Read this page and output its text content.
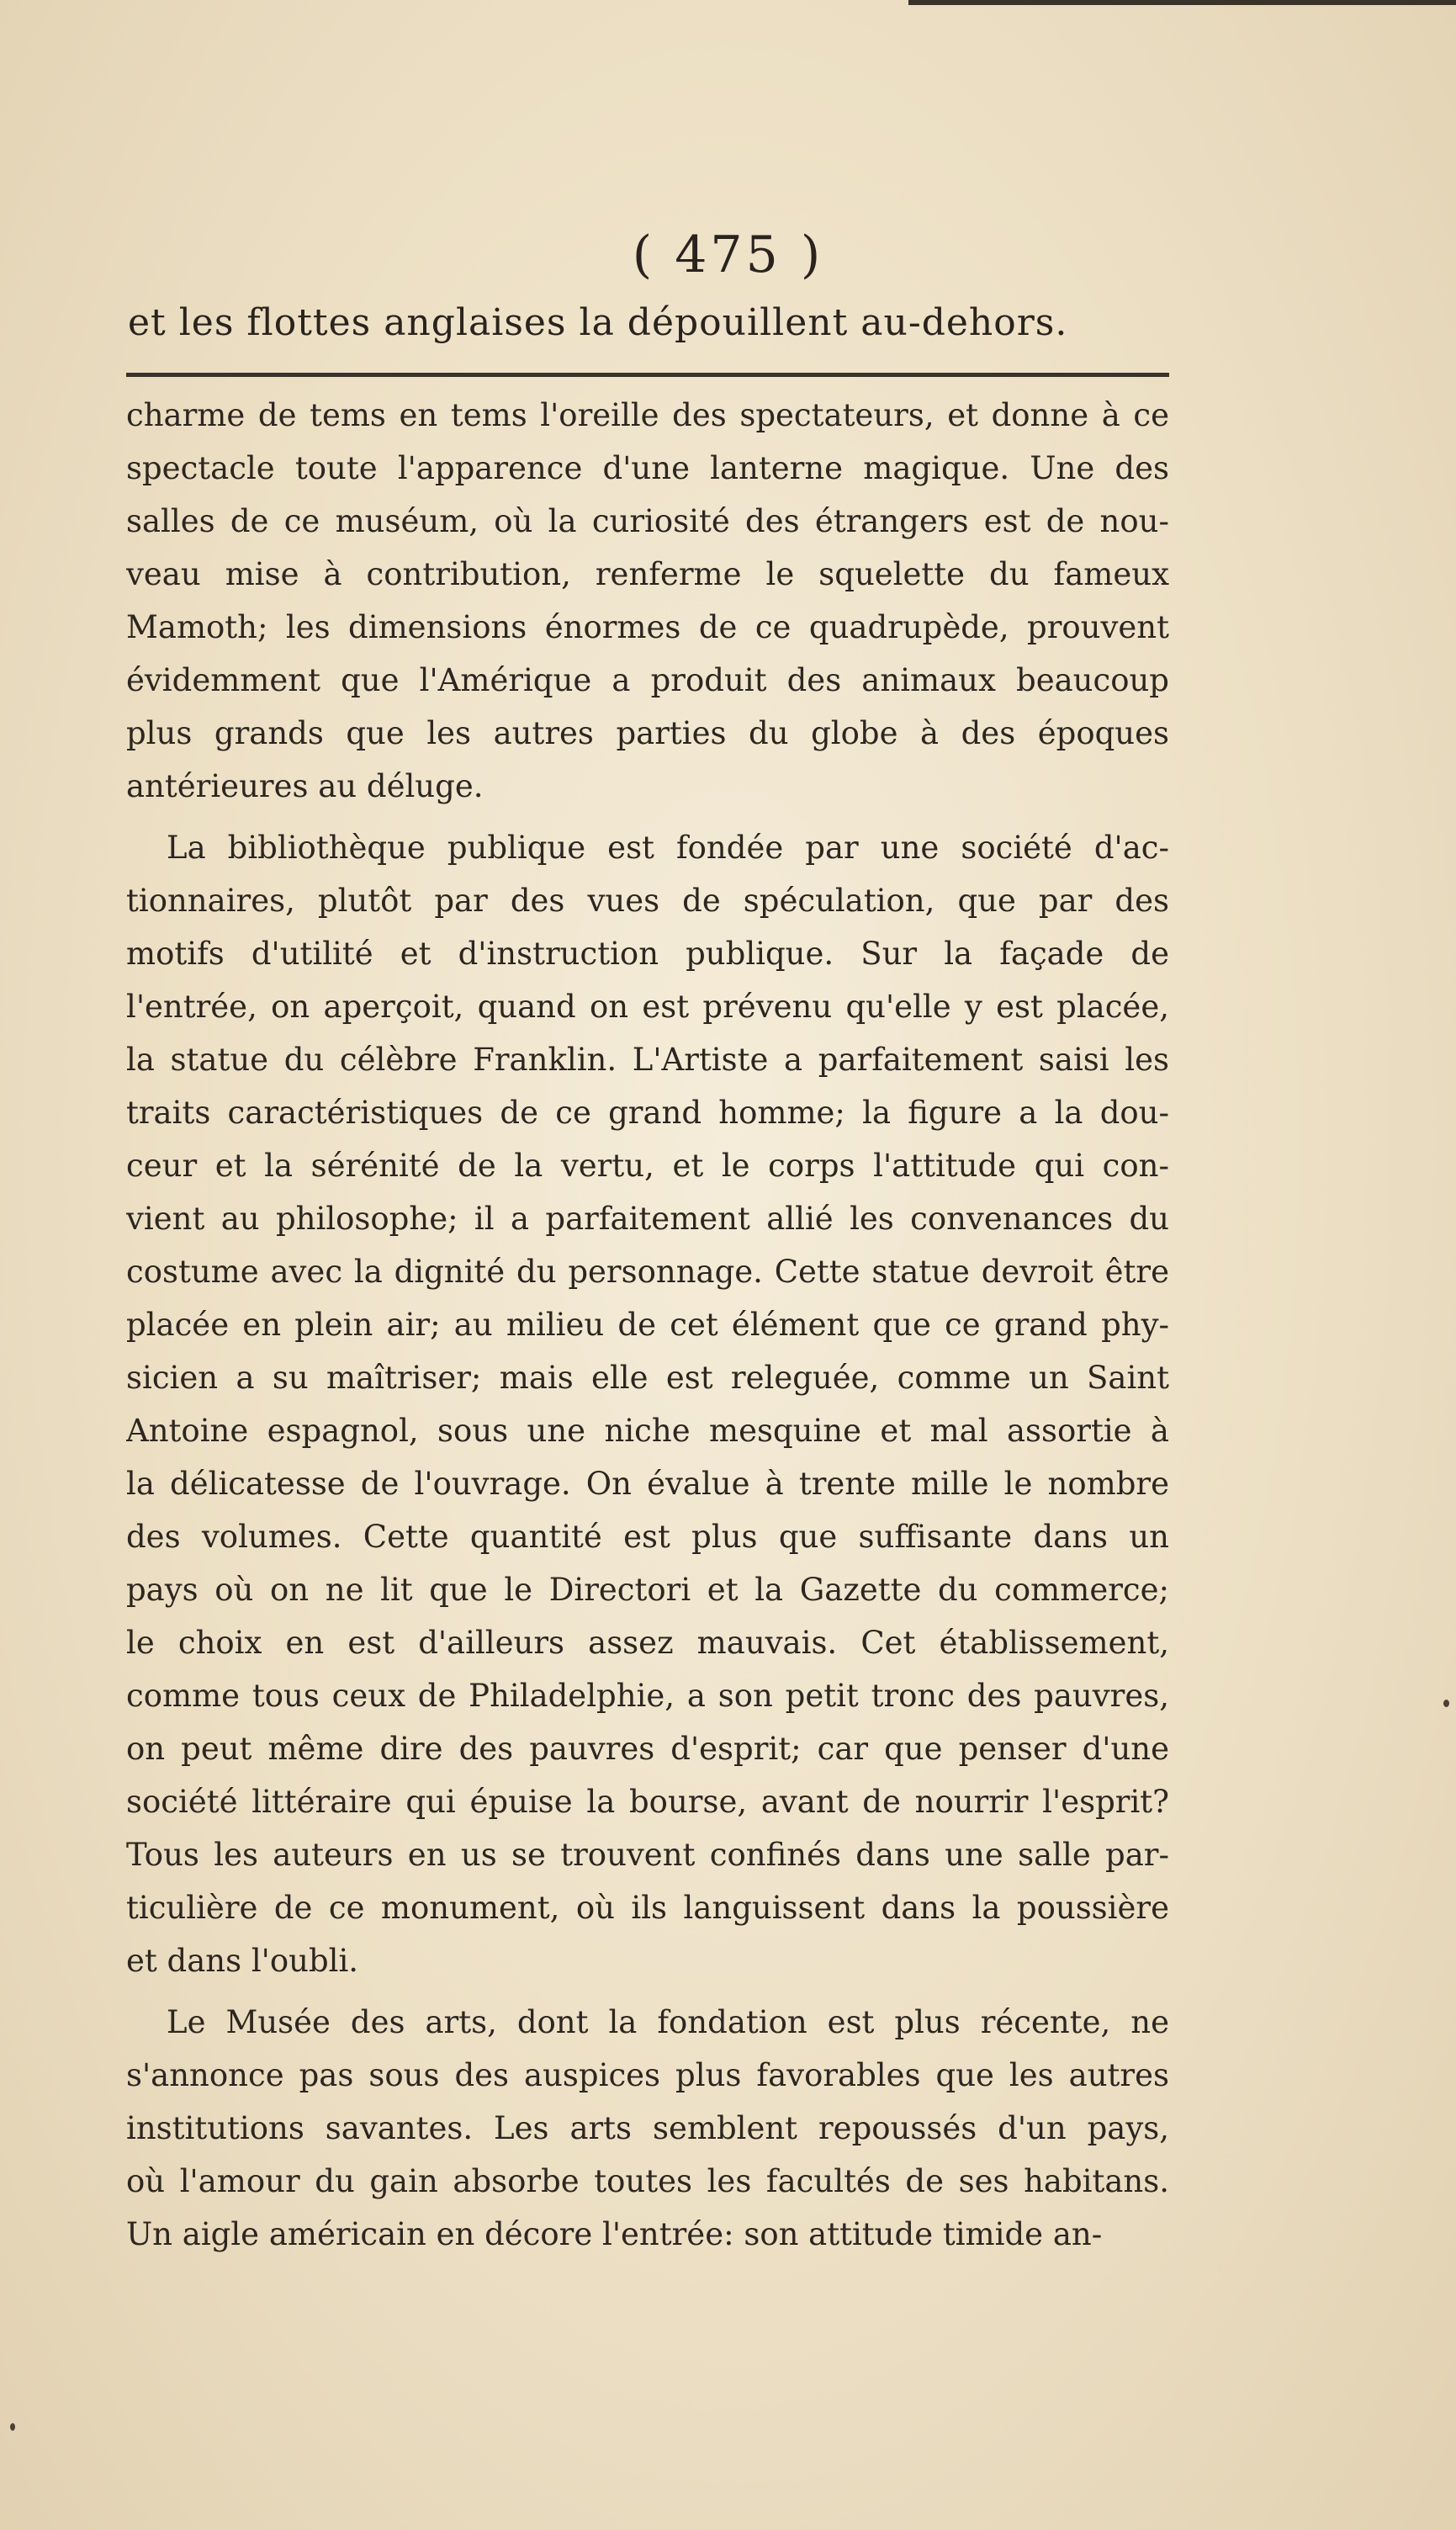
( 475 )
et les flottes anglaises la dépouillent au-dehors.
charme de tems en tems l'oreille des spectateurs, et donne à ce
spectacle toute l'apparence d'une lanterne magique. Une des
salles de ce muséum, où la curiosité des étrangers est de nou-
veau mise à contribution, renferme le squelette du fameux
Mamoth; les dimensions énormes de ce quadrupède, prouvent
évidemment que l'Amérique a produit des animaux beaucoup
plus grands que les autres parties du globe à des époques
antérieures au déluge.
La bibliothèque publique est fondée par une société d'ac-
tionnaires, plutôt par des vues de spéculation, que par des
motifs d'utilité et d'instruction publique. Sur la façade de
l'entrée, on aperçoit, quand on est prévenu qu'elle y est placée,
la statue du célèbre Franklin. L'Artiste a parfaitement saisi les
traits caractéristiques de ce grand homme; la figure a la dou-
ceur et la sérénité de la vertu, et le corps l'attitude qui con-
vient au philosophe; il a parfaitement allié les convenances du
costume avec la dignité du personnage. Cette statue devroit être
placée en plein air; au milieu de cet élément que ce grand phy-
sicien a su maîtriser; mais elle est releguée, comme un Saint
Antoine espagnol, sous une niche mesquine et mal assortie à
la délicatesse de l'ouvrage. On évalue à trente mille le nombre
des volumes. Cette quantité est plus que suffisante dans un
pays où on ne lit que le Directori et la Gazette du commerce;
le choix en est d'ailleurs assez mauvais. Cet établissement,
comme tous ceux de Philadelphie, a son petit tronc des pauvres,
on peut même dire des pauvres d'esprit; car que penser d'une
société littéraire qui épuise la bourse, avant de nourrir l'esprit?
Tous les auteurs en us se trouvent confinés dans une salle par-
ticulière de ce monument, où ils languissent dans la poussière
et dans l'oubli.
Le Musée des arts, dont la fondation est plus récente, ne
s'annonce pas sous des auspices plus favorables que les autres
institutions savantes. Les arts semblent repoussés d'un pays,
où l'amour du gain absorbe toutes les facultés de ses habitans.
Un aigle américain en décore l'entrée: son attitude timide an-
